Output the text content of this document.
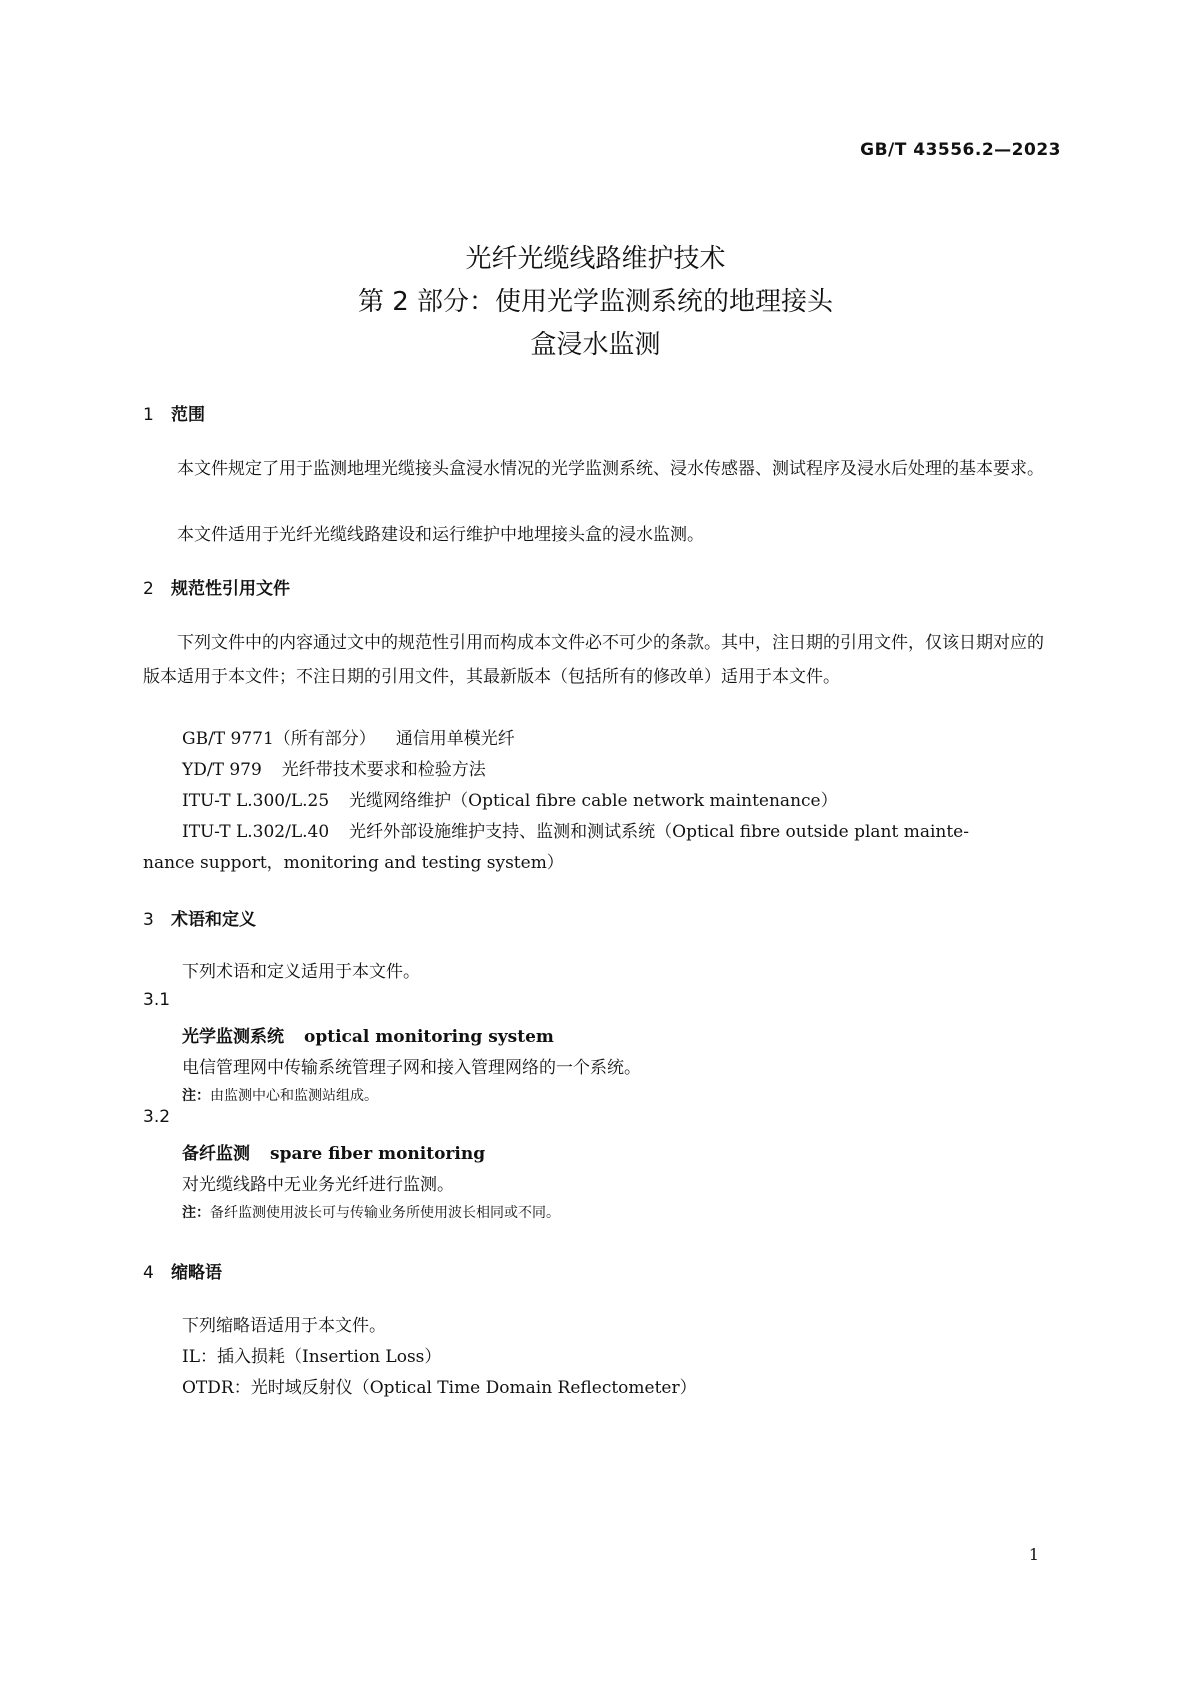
GB/T 43556.2—2023
光纤光缆线路维护技术
第 2 部分：使用光学监测系统的地理接头
盒浸水监测
1 范围
本文件规定了用于监测地埋光缆接头盒浸水情况的光学监测系统、浸水传感器、测试程序及浸水后处理的基本要求。
本文件适用于光纤光缆线路建设和运行维护中地埋接头盒的浸水监测。
2 规范性引用文件
下列文件中的内容通过文中的规范性引用而构成本文件必不可少的条款。其中，注日期的引用文件，仅该日期对应的版本适用于本文件；不注日期的引用文件，其最新版本（包括所有的修改单）适用于本文件。
GB/T 9771（所有部分） 通信用单模光纤
YD/T 979 光纤带技术要求和检验方法
ITU-T L.300/L.25 光缆网络维护（Optical fibre cable network maintenance）
ITU-T L.302/L.40 光纤外部设施维护支持、监测和测试系统（Optical fibre outside plant mainte-
nance support，monitoring and testing system）
3 术语和定义
下列术语和定义适用于本文件。
3.1
光学监测系统 optical monitoring system
电信管理网中传输系统管理子网和接入管理网络的一个系统。
注：由监测中心和监测站组成。
3.2
备纤监测 spare fiber monitoring
对光缆线路中无业务光纤进行监测。
注：备纤监测使用波长可与传输业务所使用波长相同或不同。
4 缩略语
下列缩略语适用于本文件。
IL：插入损耗（Insertion Loss）
OTDR：光时域反射仪（Optical Time Domain Reflectometer）
1
